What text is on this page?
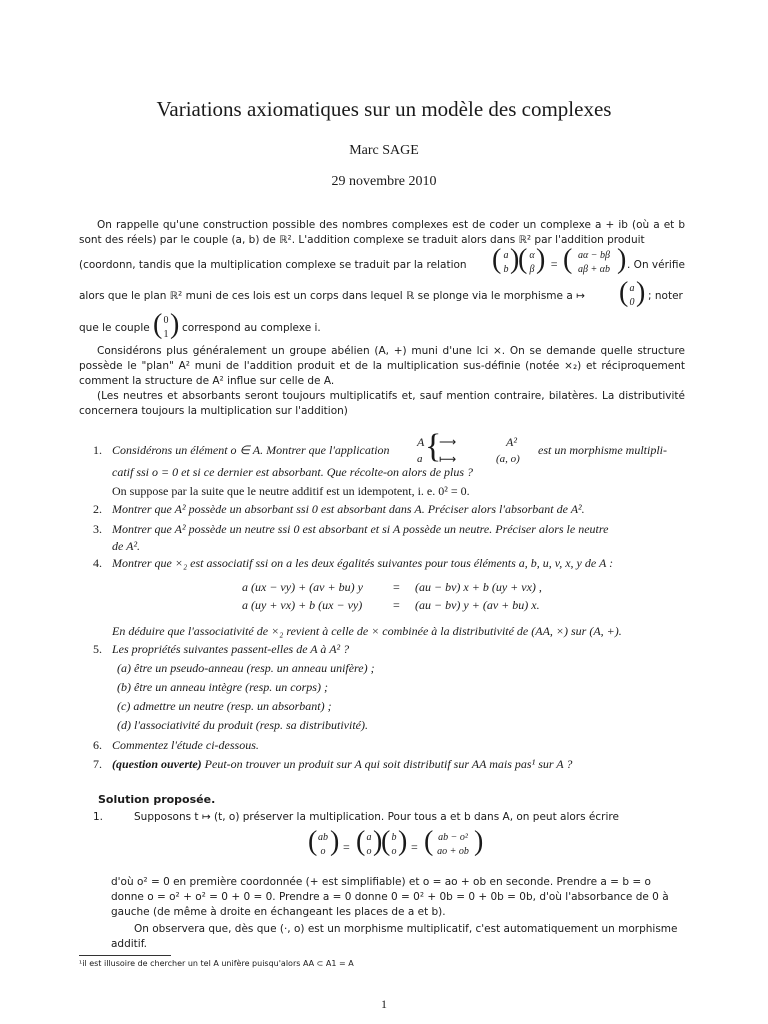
Variations axiomatiques sur un modèle des complexes
Marc SAGE
29 novembre 2010

On rappelle qu'une construction possible des nombres complexes est de coder un complexe a + ib (où a et b sont des réels) par le couple (a, b) de ℝ². L'addition complexe se traduit alors dans ℝ² par l'addition produit

(coordonn, tandis que la multiplication complexe se traduit par la relation ( a
b )
( α
β ) = ( aα − bβ
aβ + αb ) . On vérifie
alors que le plan ℝ² muni de ces lois est un corps dans lequel ℝ se plonge via le morphisme a ↦	( a
0 ) ; noter
que le couple ( 0
1 ) correspond au complexe i.

Considérons plus généralement un groupe abélien (A, +) muni d'une lci ×. On se demande quelle structure possède le "plan" A² muni de l'addition produit et de la multiplication sus-définie (notée ×₂) et réciproquement comment la structure de A² influe sur celle de A.

(Les neutres et absorbants seront toujours multiplicatifs et, sauf mention contraire, bilatères. La distributivité concernera toujours la multiplication sur l'addition)

1. Considérons un élément o ∈ A. Montrer que l'application	{
A	⟶	A²
a ⟼	(a, o)
est un morphisme multipli-
catif ssi o = 0 et si ce dernier est absorbant. Que récolte-on alors de plus ?
On suppose par la suite que le neutre additif est un idempotent, i. e. 0² = 0.
2. Montrer que A² possède un absorbant ssi 0 est absorbant dans A. Préciser alors l'absorbant de A².
3. Montrer que A² possède un neutre ssi 0 est absorbant et si A possède un neutre. Préciser alors le neutre
de A².
4. Montrer que ×₂ est associatif ssi on a les deux égalités suivantes pour tous éléments a, b, u, v, x, y de A :
a (ux − vy) + (av + bu) y	= (au − bv) x + b (uy + vx) ,
a (uy + vx) + b (ux − vy)	= (au − bv) y + (av + bu) x.
En déduire que l'associativité de ×₂ revient à celle de × combinée à la distributivité de (AA, ×) sur (A, +).
5. Les propriétés suivantes passent-elles de A à A² ?
(a) être un pseudo-anneau (resp. un anneau unifère) ;
(b) être un anneau intègre (resp. un corps) ;
(c) admettre un neutre (resp. un absorbant) ;
(d) l'associativité du produit (resp. sa distributivité).
6. Commentez l'étude ci-dessous.
7. (question ouverte) Peut-on trouver un produit sur A qui soit distributif sur AA mais pas¹ sur A ?
Solution proposée.
1.	Supposons t ↦ (t, o) préserver la multiplication. Pour tous a et b dans A, on peut alors écrire
( ab
o ) = ( a
o )
( b
o ) = ( ab − o²
ao + ob )
d'où o² = 0 en première coordonnée (+ est simplifiable) et o = ao + ob en seconde. Prendre a = b = o
donne o = o² + o² = 0 + 0 = 0. Prendre a = 0 donne 0 = 0² + 0b = 0 + 0b = 0b, d'où l'absorbance de 0 à
gauche (de même à droite en échangeant les places de a et b).
On observera que, dès que (·, o) est un morphisme multiplicatif, c'est automatiquement un morphisme
additif.
¹il est illusoire de chercher un tel A unifère puisqu'alors AA ⊂ A1 = A
1
